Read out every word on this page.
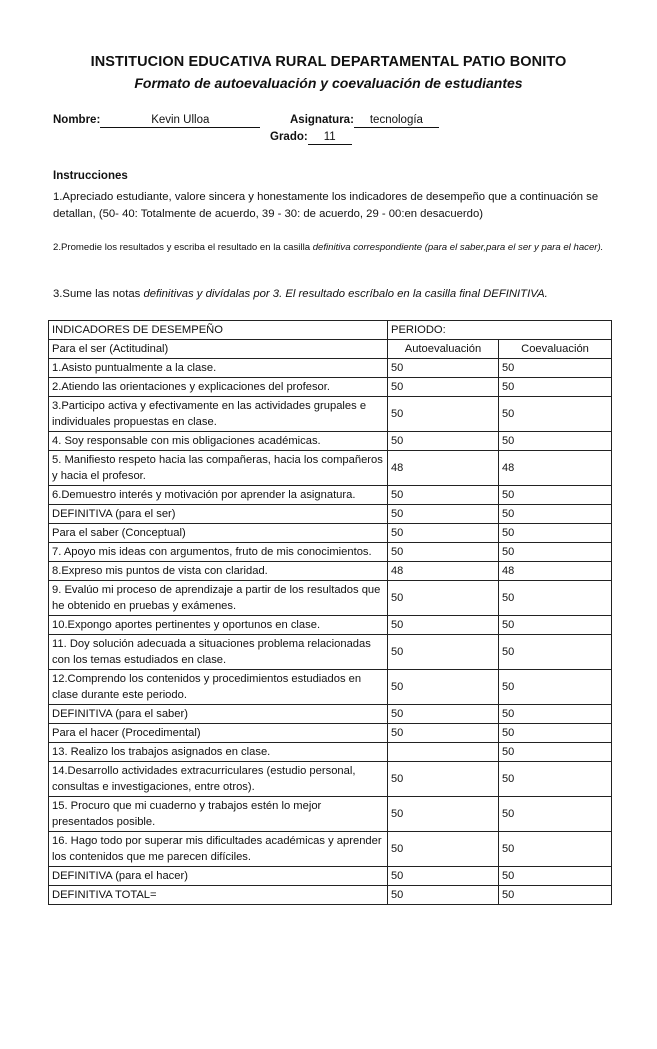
INSTITUCION EDUCATIVA RURAL DEPARTAMENTAL PATIO BONITO
Formato de autoevaluación y coevaluación de estudiantes
Nombre:	Kevin Ulloa	Asignatura: tecnología
Grado: 11
Instrucciones
1.Apreciado estudiante, valore sincera y honestamente los indicadores de desempeño que a continuación se detallan, (50- 40: Totalmente de acuerdo, 39 - 30: de acuerdo, 29 - 00:en desacuerdo)
2.Promedie los resultados y escriba el resultado en la casilla definitiva correspondiente (para el saber,para el ser y para el hacer).
3.Sume las notas definitivas y divídalas por 3. El resultado escríbalo en la casilla final DEFINITIVA.
INDICADORES DE DESEMPEÑO	PERIODO:	
Para el ser (Actitudinal)	Autoevaluación	Coevaluación
1.Asisto puntualmente a la clase.	50	50
2.Atiendo las orientaciones y explicaciones del profesor.	50	50
3.Participo activa y efectivamente en las actividades grupales e individuales propuestas en clase.	50	50
4. Soy responsable con mis obligaciones académicas.	50	50
5. Manifiesto respeto hacia las compañeras, hacia los compañeros y hacia el profesor.	48	48
6.Demuestro interés y motivación por aprender la asignatura.	50	50
DEFINITIVA (para el ser)	50	50
Para el saber (Conceptual)	50	50
7. Apoyo mis ideas con argumentos, fruto de mis conocimientos.	50	50
8.Expreso mis puntos de vista con claridad.	48	48
9. Evalúo mi proceso de aprendizaje a partir de los resultados que he obtenido en pruebas y exámenes.	50	50
10.Expongo aportes pertinentes y oportunos en clase.	50	50
11. Doy solución adecuada a situaciones problema relacionadas con los temas estudiados en clase.	50	50
12.Comprendo los contenidos y procedimientos estudiados en clase durante este periodo.	50	50
DEFINITIVA (para el saber)	50	50
Para el hacer (Procedimental)	50	50
13. Realizo los trabajos asignados en clase.		50
14.Desarrollo actividades extracurriculares (estudio personal, consultas e investigaciones, entre otros).	50	50
15. Procuro que mi cuaderno y trabajos estén lo mejor presentados posible.	50	50
16. Hago todo por superar mis dificultades académicas y aprender los contenidos que me parecen difíciles.	50	50
DEFINITIVA (para el hacer)	50	50
DEFINITIVA TOTAL=	50	50
